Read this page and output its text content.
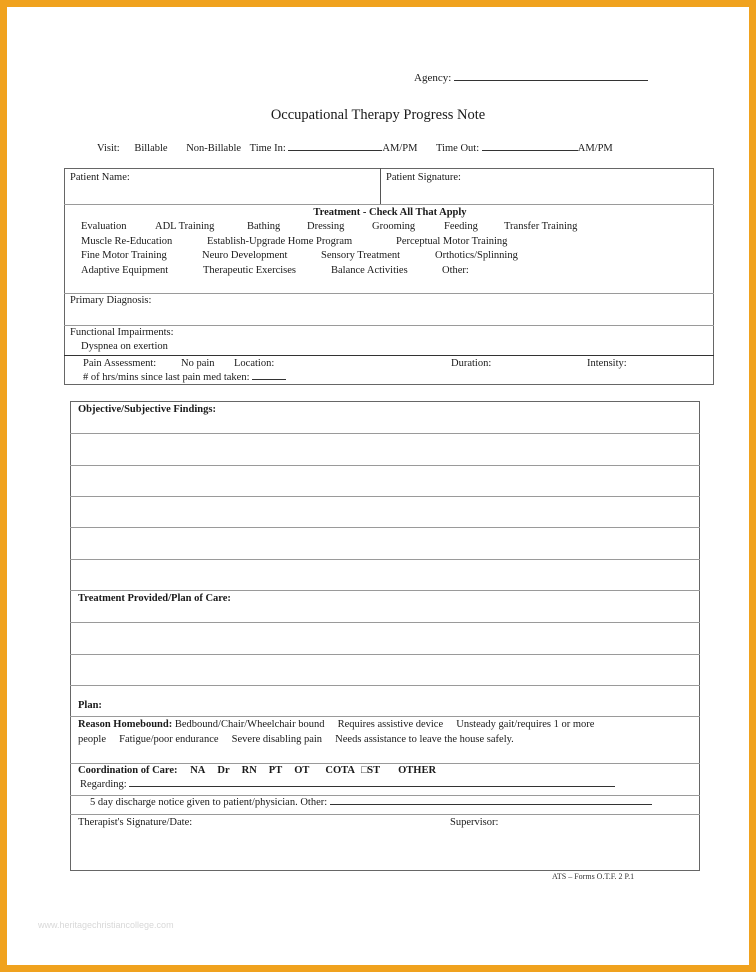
Agency:
Occupational Therapy Progress Note
Visit: Billable Non-Billable Time In:	AM/PM Time Out:	AM/PM
Patient Name:	Patient Signature:
Treatment - Check All That Apply
Evaluation	ADL Training	Bathing	Dressing	Grooming	Feeding Transfer Training
Muscle Re-Education	Establish-Upgrade Home Program	Perceptual Motor Training
Fine Motor Training	Neuro Development	Sensory Treatment	Orthotics/Splinning
Adaptive Equipment	Therapeutic Exercises	Balance Activities	Other:
Primary Diagnosis:
Functional Impairments:
Dyspnea on exertion
Pain Assessment: No pain Location:	Duration:	Intensity:
# of hrs/mins since last pain med taken:
Objective/Subjective Findings:
Treatment Provided/Plan of Care:
Plan:
Reason Homebound: Bedbound/Chair/Wheelchair bound     Requires assistive device     Unsteady gait/requires 1 or more
people     Fatigue/poor endurance     Severe disabling pain     Needs assistance to leave the house safely.
Coordination of Care: NA Dr RN PT OT COTA □ST OTHER
Regarding:
5 day discharge notice given to patient/physician. Other:
Therapist's Signature/Date:	Supervisor:
ATS – Forms O.T.F. 2 P.1
www.heritagechristiancollege.com
